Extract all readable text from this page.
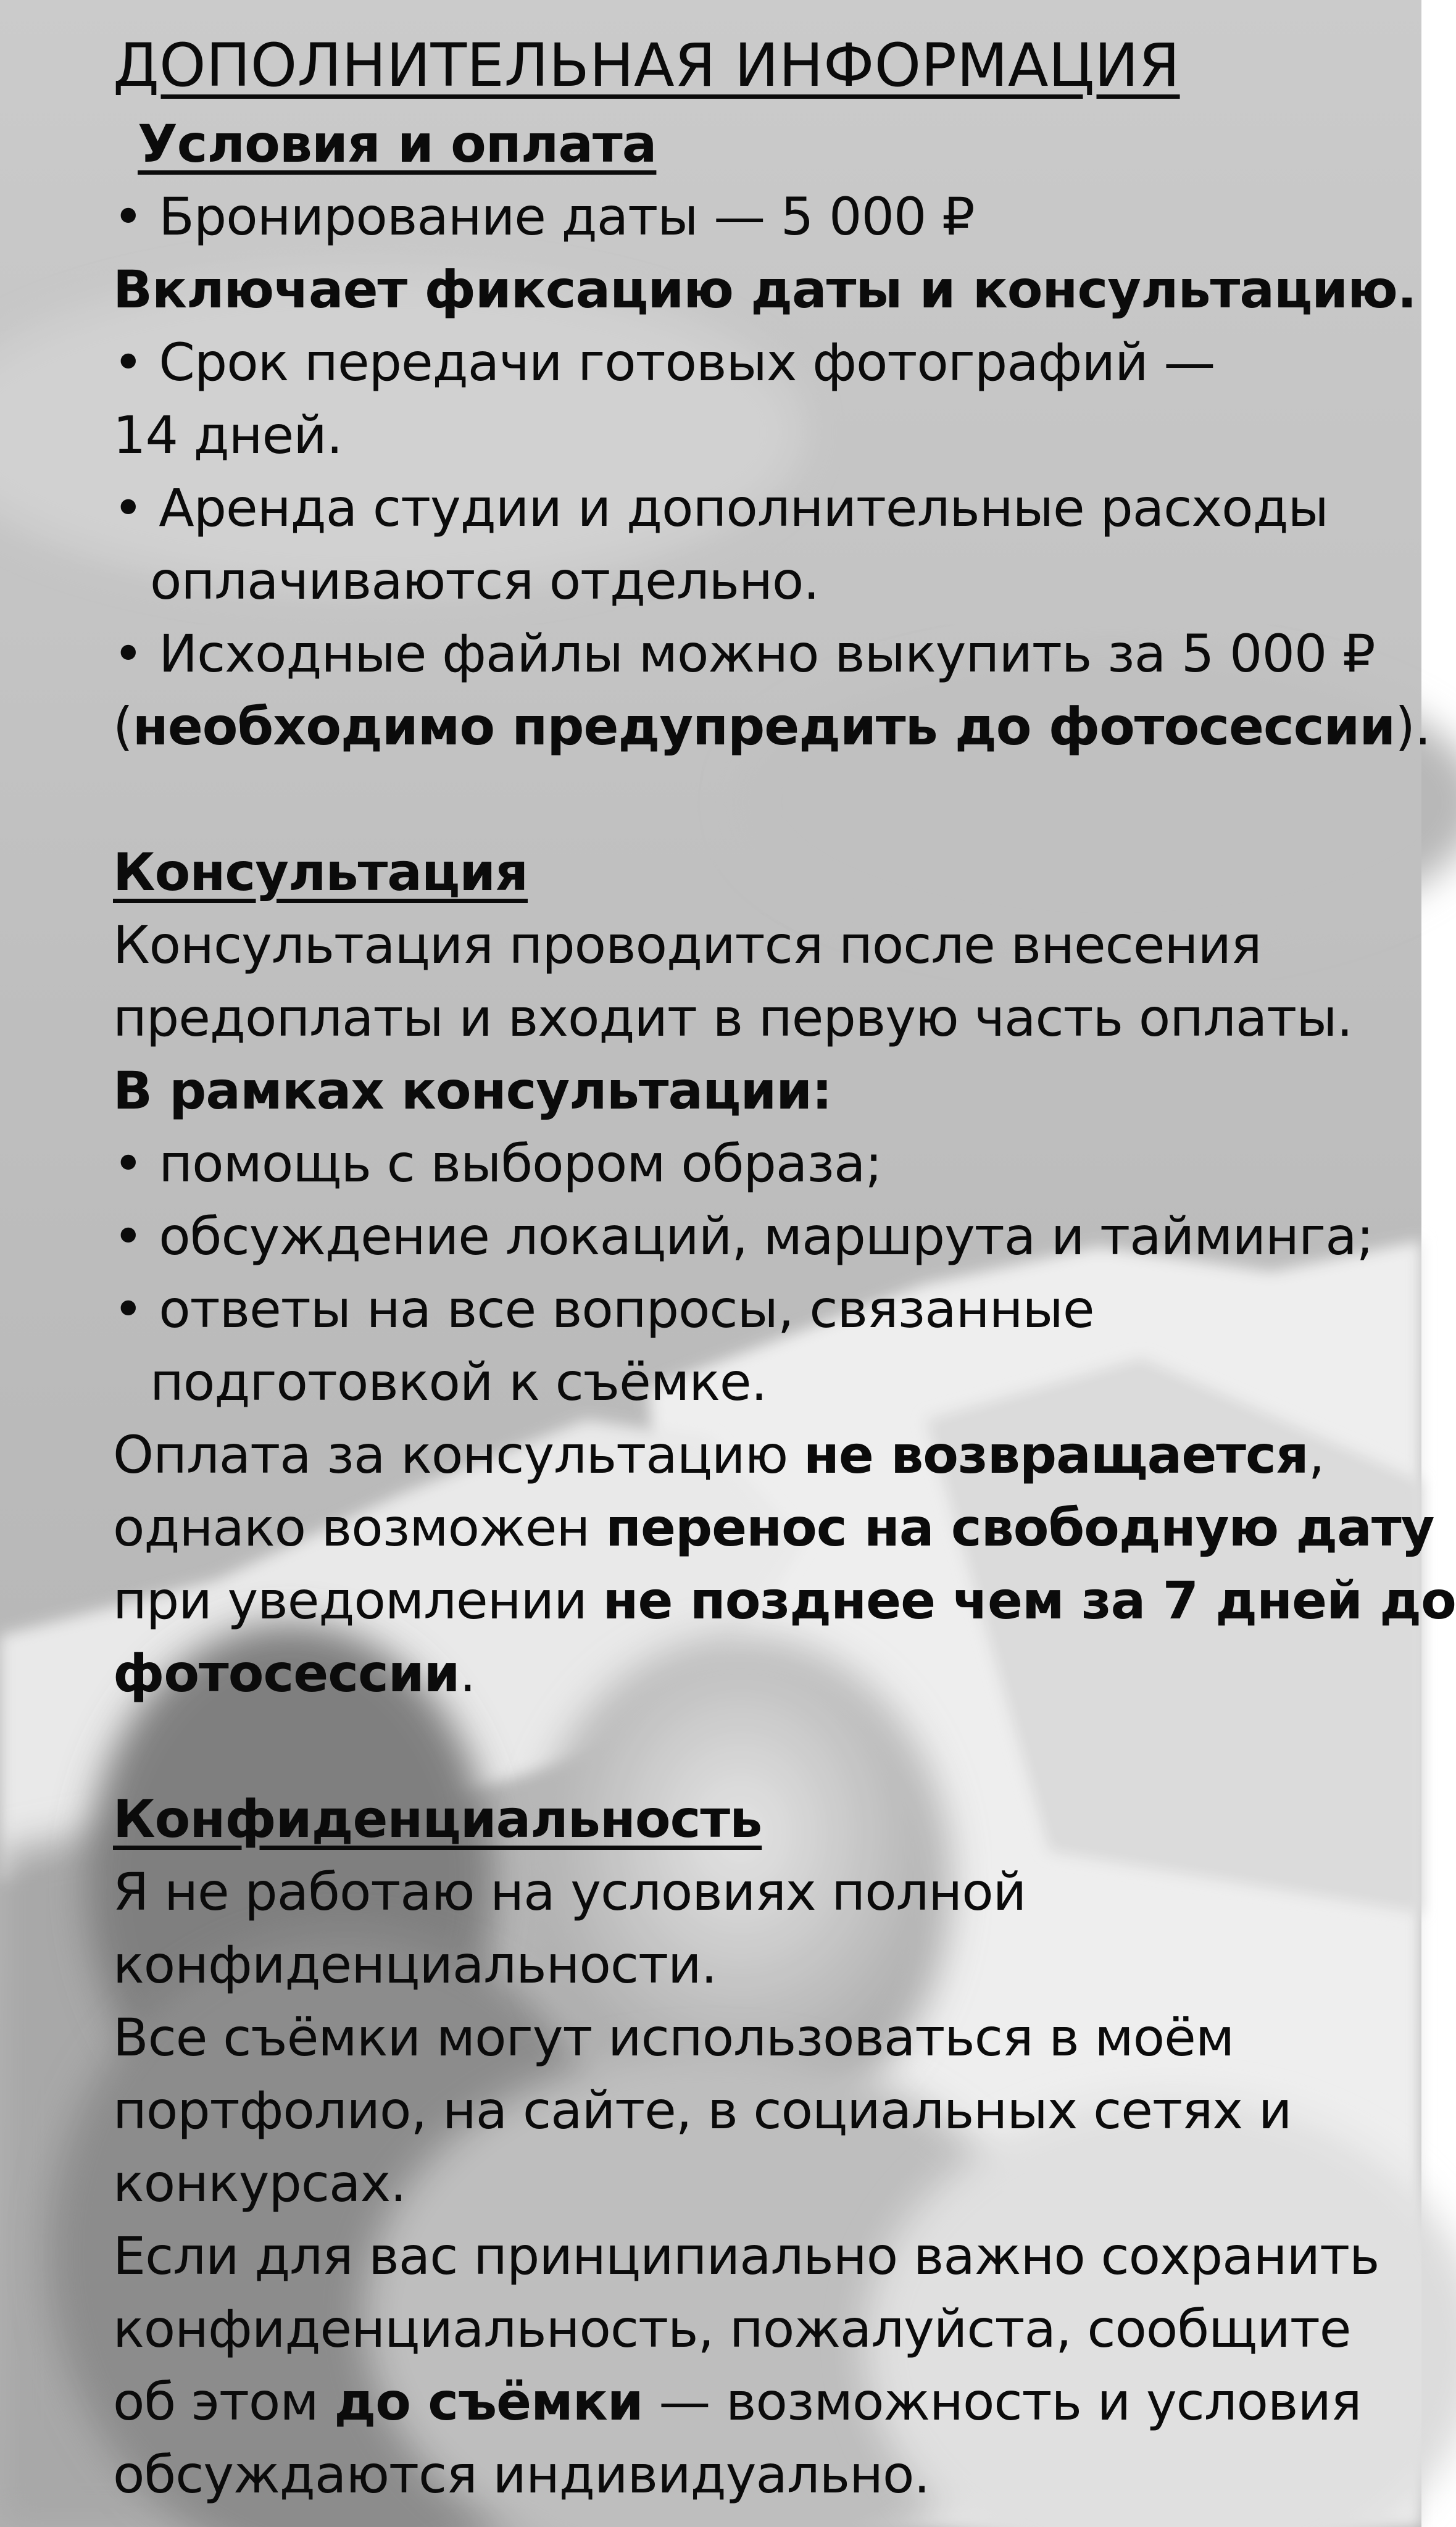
ДОПОЛНИТЕЛЬНАЯ ИНФОРМАЦИЯ
Условия и оплата
• Бронирование даты — 5 000 ₽
Включает фиксацию даты и консультацию.
• Срок передачи готовых фотографий —
14 дней.
• Аренда студии и дополнительные расходы
оплачиваются отдельно.
• Исходные файлы можно выкупить за 5 000 ₽
(необходимо предупредить до фотосессии).
Консультация
Консультация проводится после внесения
предоплаты и входит в первую часть оплаты.
В рамках консультации:
• помощь с выбором образа;
• обсуждение локаций, маршрута и тайминга;
• ответы на все вопросы, связанные
подготовкой к съёмке.
Оплата за консультацию не возвращается,
однако возможен перенос на свободную дату
при уведомлении не позднее чем за 7 дней до
фотосессии.
Конфиденциальность
Я не работаю на условиях полной
конфиденциальности.
Все съёмки могут использоваться в моём
портфолио, на сайте, в социальных сетях и
конкурсах.
Если для вас принципиально важно сохранить
конфиденциальность, пожалуйста, сообщите
об этом до съёмки — возможность и условия
обсуждаются индивидуально.
